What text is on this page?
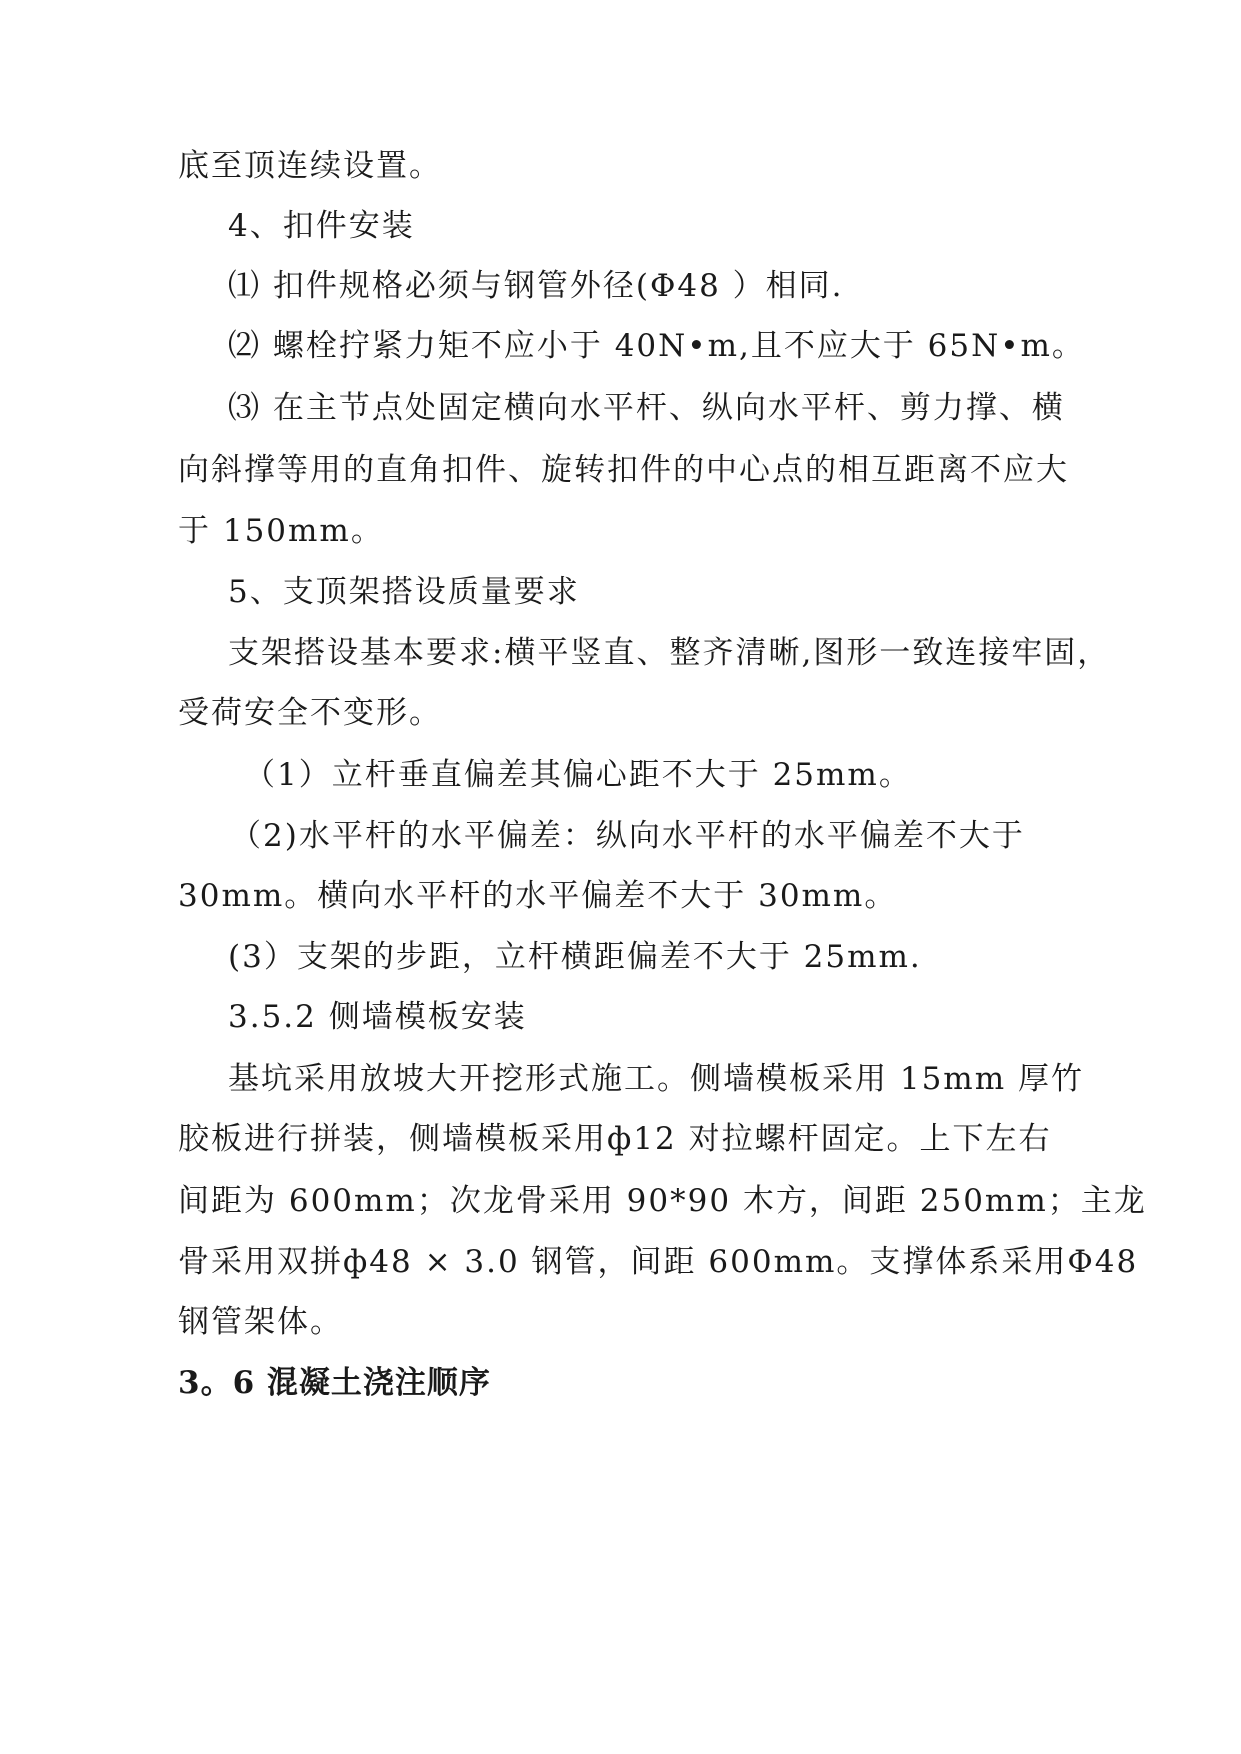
底至顶连续设置。
4、扣件安装
⑴ 扣件规格必须与钢管外径(Φ48 ）相同.
⑵ 螺栓拧紧力矩不应小于 40N•m,且不应大于 65N•m。
⑶ 在主节点处固定横向水平杆、纵向水平杆、剪力撑、横
向斜撑等用的直角扣件、旋转扣件的中心点的相互距离不应大
于 150mm。
5、支顶架搭设质量要求
支架搭设基本要求:横平竖直、整齐清晰,图形一致连接牢固，
受荷安全不变形。
（1）立杆垂直偏差其偏心距不大于 25mm。
（2)水平杆的水平偏差：纵向水平杆的水平偏差不大于
30mm。横向水平杆的水平偏差不大于 30mm。
(3）支架的步距，立杆横距偏差不大于 25mm.
3.5.2 侧墙模板安装
基坑采用放坡大开挖形式施工。侧墙模板采用 15mm 厚竹
胶板进行拼装，侧墙模板采用ф12 对拉螺杆固定。上下左右
间距为 600mm；次龙骨采用 90*90 木方，间距 250mm；主龙
骨采用双拼ф48 × 3.0 钢管，间距 600mm。支撑体系采用Φ48
钢管架体。
3。6 混凝土浇注顺序
